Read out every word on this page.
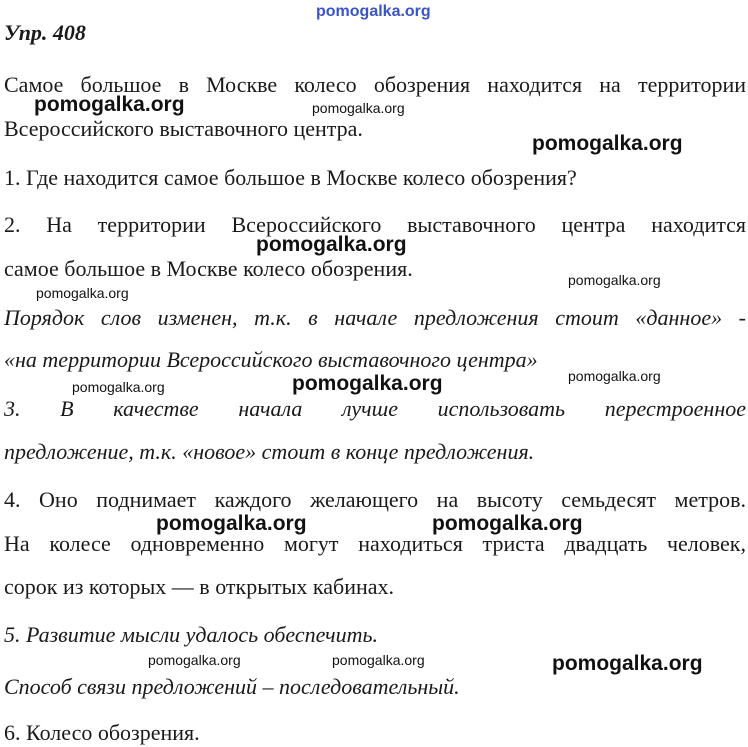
pomogalka.org
Упр. 408
Самое большое в Москве колесо обозрения находится на территории
Всероссийского выставочного центра.
1. Где находится самое большое в Москве колесо обозрения?
2. На территории Всероссийского выставочного центра находится
самое большое в Москве колесо обозрения.
Порядок слов изменен, т.к. в начале предложения стоит «данное» -
«на территории Всероссийского выставочного центра»
3. В качестве начала лучше использовать перестроенное
предложение, т.к. «новое» стоит в конце предложения.
4. Оно поднимает каждого желающего на высоту семьдесят метров.
На колесе одновременно могут находиться триста двадцать человек,
сорок из которых — в открытых кабинах.
5. Развитие мысли удалось обеспечить.
Способ связи предложений – последовательный.
6. Колесо обозрения.
pomogalka.org	pomogalka.org
pomogalka.org
pomogalka.org
pomogalka.org
pomogalka.org
pomogalka.org
pomogalka.org
pomogalka.org
pomogalka.org	pomogalka.org
pomogalka.org	pomogalka.org	pomogalka.org
